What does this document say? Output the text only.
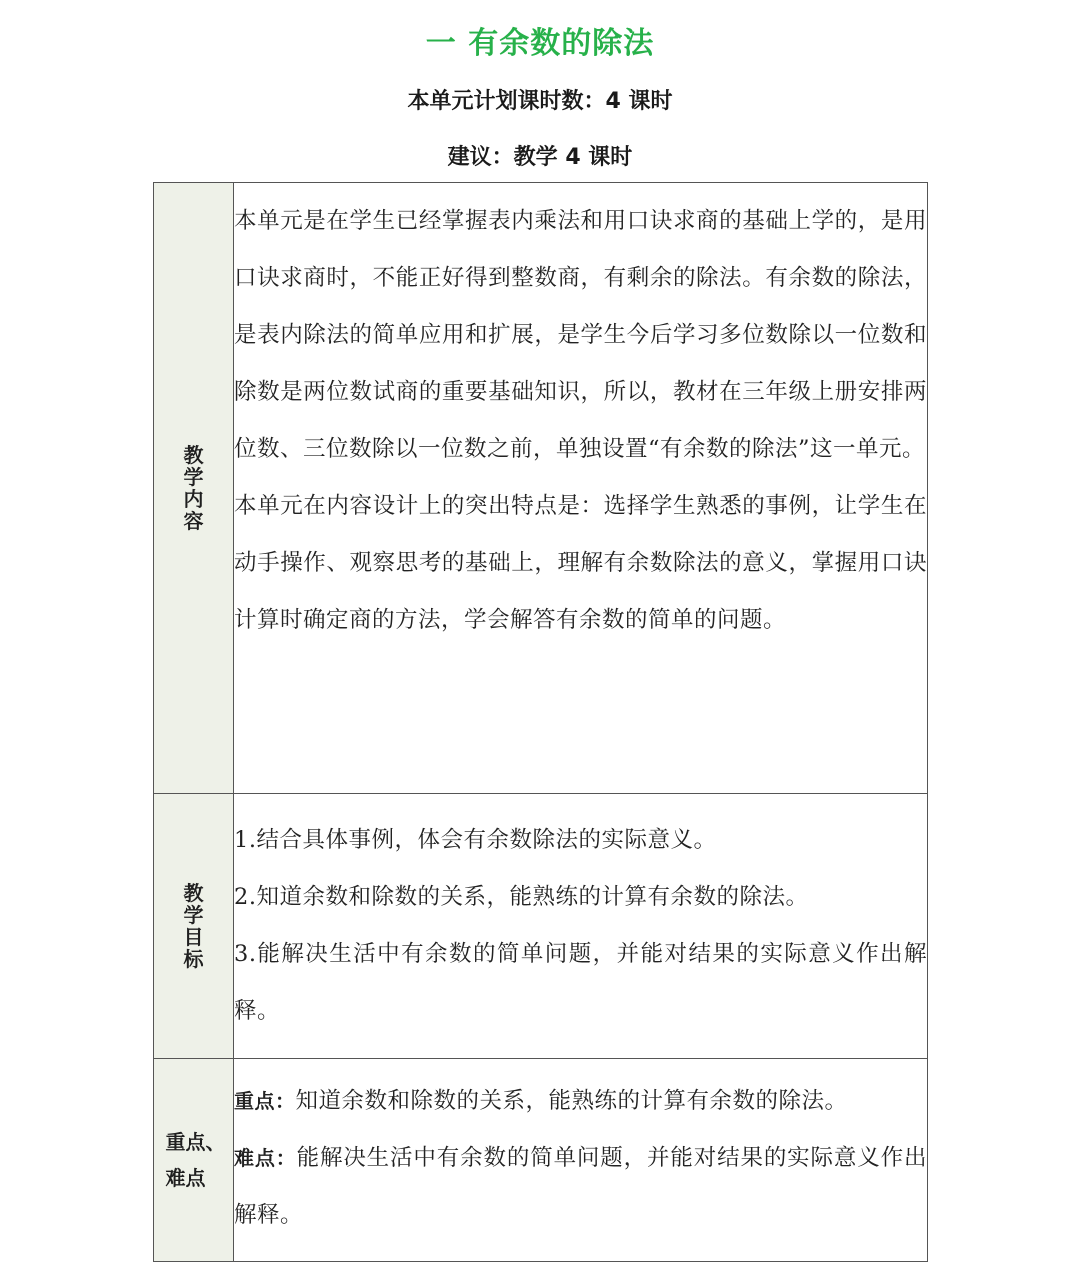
一 有余数的除法
本单元计划课时数：4 课时
建议：教学 4 课时
教学内容	本单元是在学生已经掌握表内乘法和用口诀求商的基础上学的，是用口诀求商时，不能正好得到整数商，有剩余的除法。有余数的除法，是表内除法的简单应用和扩展，是学生今后学习多位数除以一位数和除数是两位数试商的重要基础知识，所以，教材在三年级上册安排两位数、三位数除以一位数之前，单独设置“有余数的除法”这一单元。

本单元在内容设计上的突出特点是：选择学生熟悉的事例，让学生在动手操作、观察思考的基础上，理解有余数除法的意义，掌握用口诀计算时确定商的方法，学会解答有余数的简单的问题。

教学目标	1.结合具体事例，体会有余数除法的实际意义。

2.知道余数和除数的关系，能熟练的计算有余数的除法。

3.能解决生活中有余数的简单问题，并能对结果的实际意义作出解释。

重点、难点	重点：知道余数和除数的关系，能熟练的计算有余数的除法。

难点：能解决生活中有余数的简单问题，并能对结果的实际意义作出解释。
